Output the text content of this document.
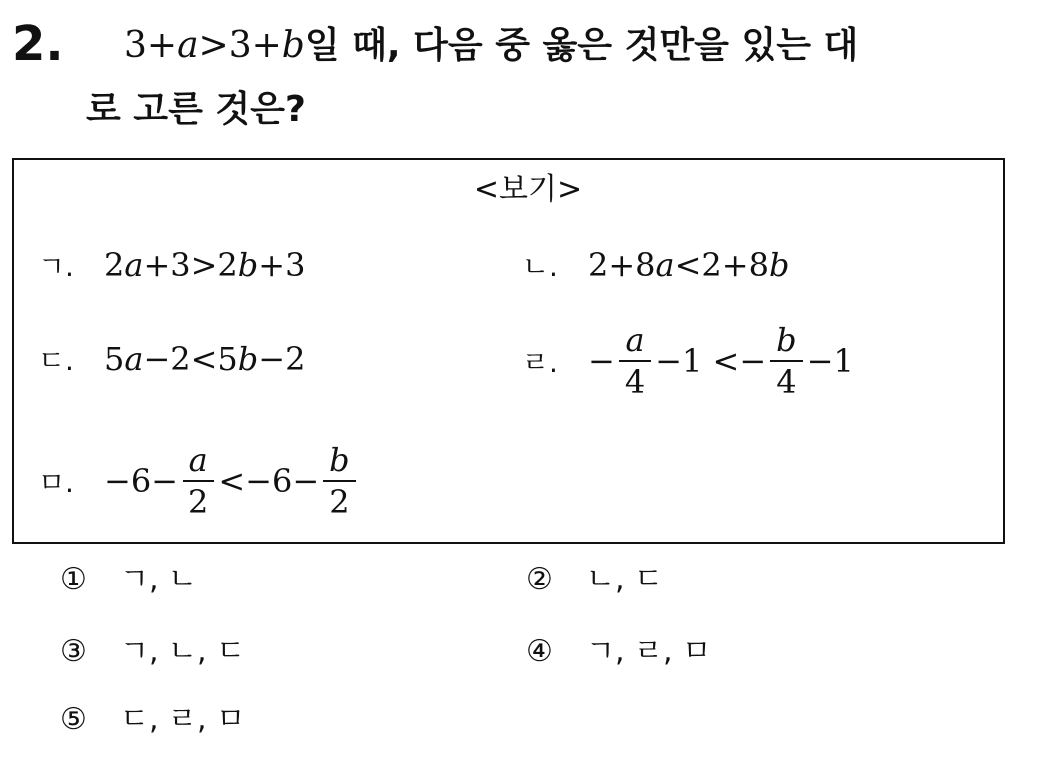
2. 3+a>3+b일 때, 다음 중 옳은 것만을 있는 대
로 고른 것은?
<보기>
ㄱ. 2 a +3>2 b +3	ㄴ. 2+8 a <2+8 b
ㄷ. 5 a −2<5 b −2	ㄹ. − $\frac{a}{4} -1 <- \frac{b}{4} -1$
ㅁ. $-6- \frac{a}{2} <-6- \frac{b}{2}$
① ㄱ, ㄴ	② ㄴ, ㄷ
③ ㄱ, ㄴ, ㄷ	④ ㄱ, ㄹ, ㅁ
⑤ ㄷ, ㄹ, ㅁ
